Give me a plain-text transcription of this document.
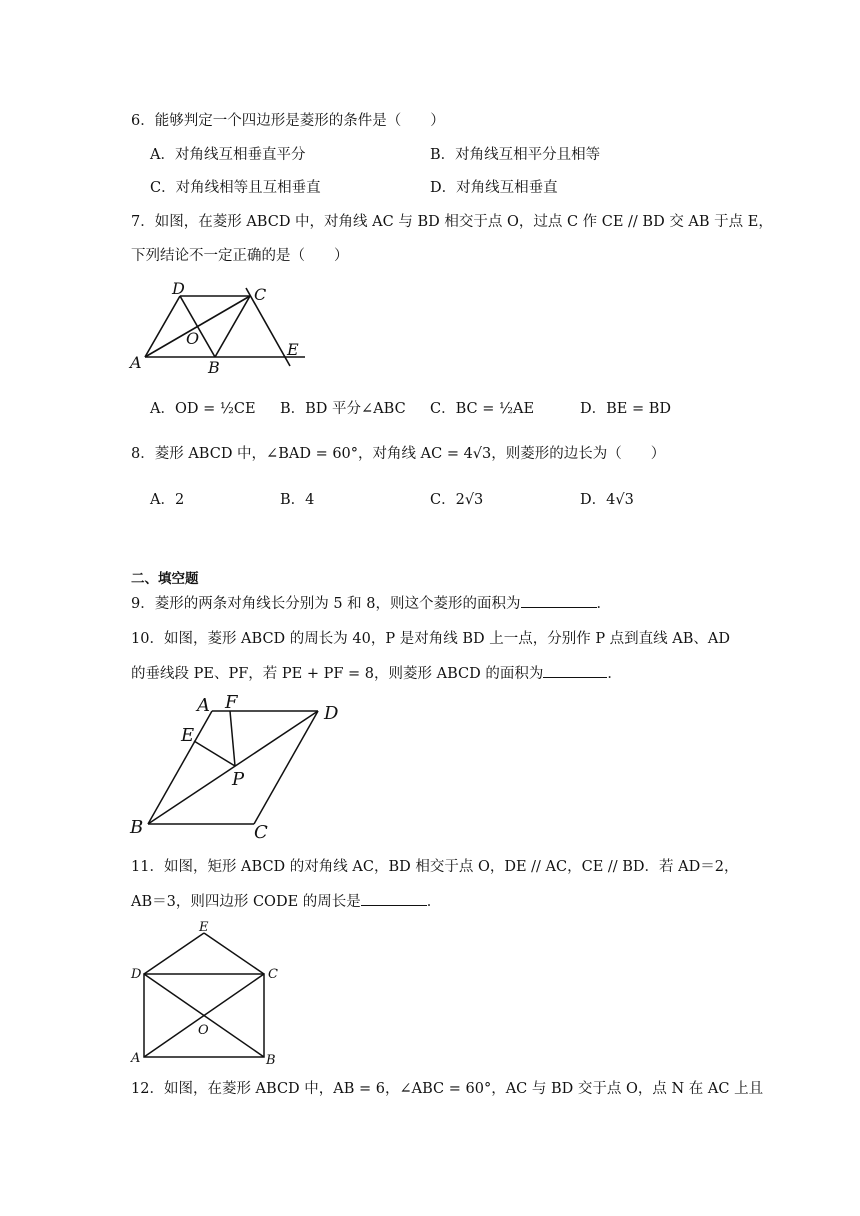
6．能够判定一个四边形是菱形的条件是（　　）
A．对角线互相垂直平分	B．对角线互相平分且相等
C．对角线相等且互相垂直	D．对角线互相垂直
7．如图，在菱形 ABCD 中，对角线 AC 与 BD 相交于点 O，过点 C 作 CE // BD 交 AB 于点 E，
下列结论不一定正确的是（　　）
D	C
O
A	B
E
A．OD = ½CE B．BD 平分∠ABC C．BC = ½AE	D．BE = BD
8．菱形 ABCD 中，∠BAD = 60°，对角线 AC = 4√3，则菱形的边长为（　　）
A．2	B．4	C．2√3	D．4√3
二、填空题
9．菱形的两条对角线长分别为 5 和 8，则这个菱形的面积为	．
10．如图，菱形 ABCD 的周长为 40，P 是对角线 BD 上一点，分别作 P 点到直线 AB、AD
的垂线段 PE、PF，若 PE + PF = 8，则菱形 ABCD 的面积为	．
A F
D
E
P
B	C
11．如图，矩形 ABCD 的对角线 AC，BD 相交于点 O，DE // AC，CE // BD．若 AD＝2，
AB＝3，则四边形 CODE 的周长是	．
E
D	C
O
A	B
12．如图，在菱形 ABCD 中，AB = 6，∠ABC = 60°，AC 与 BD 交于点 O，点 N 在 AC 上且
